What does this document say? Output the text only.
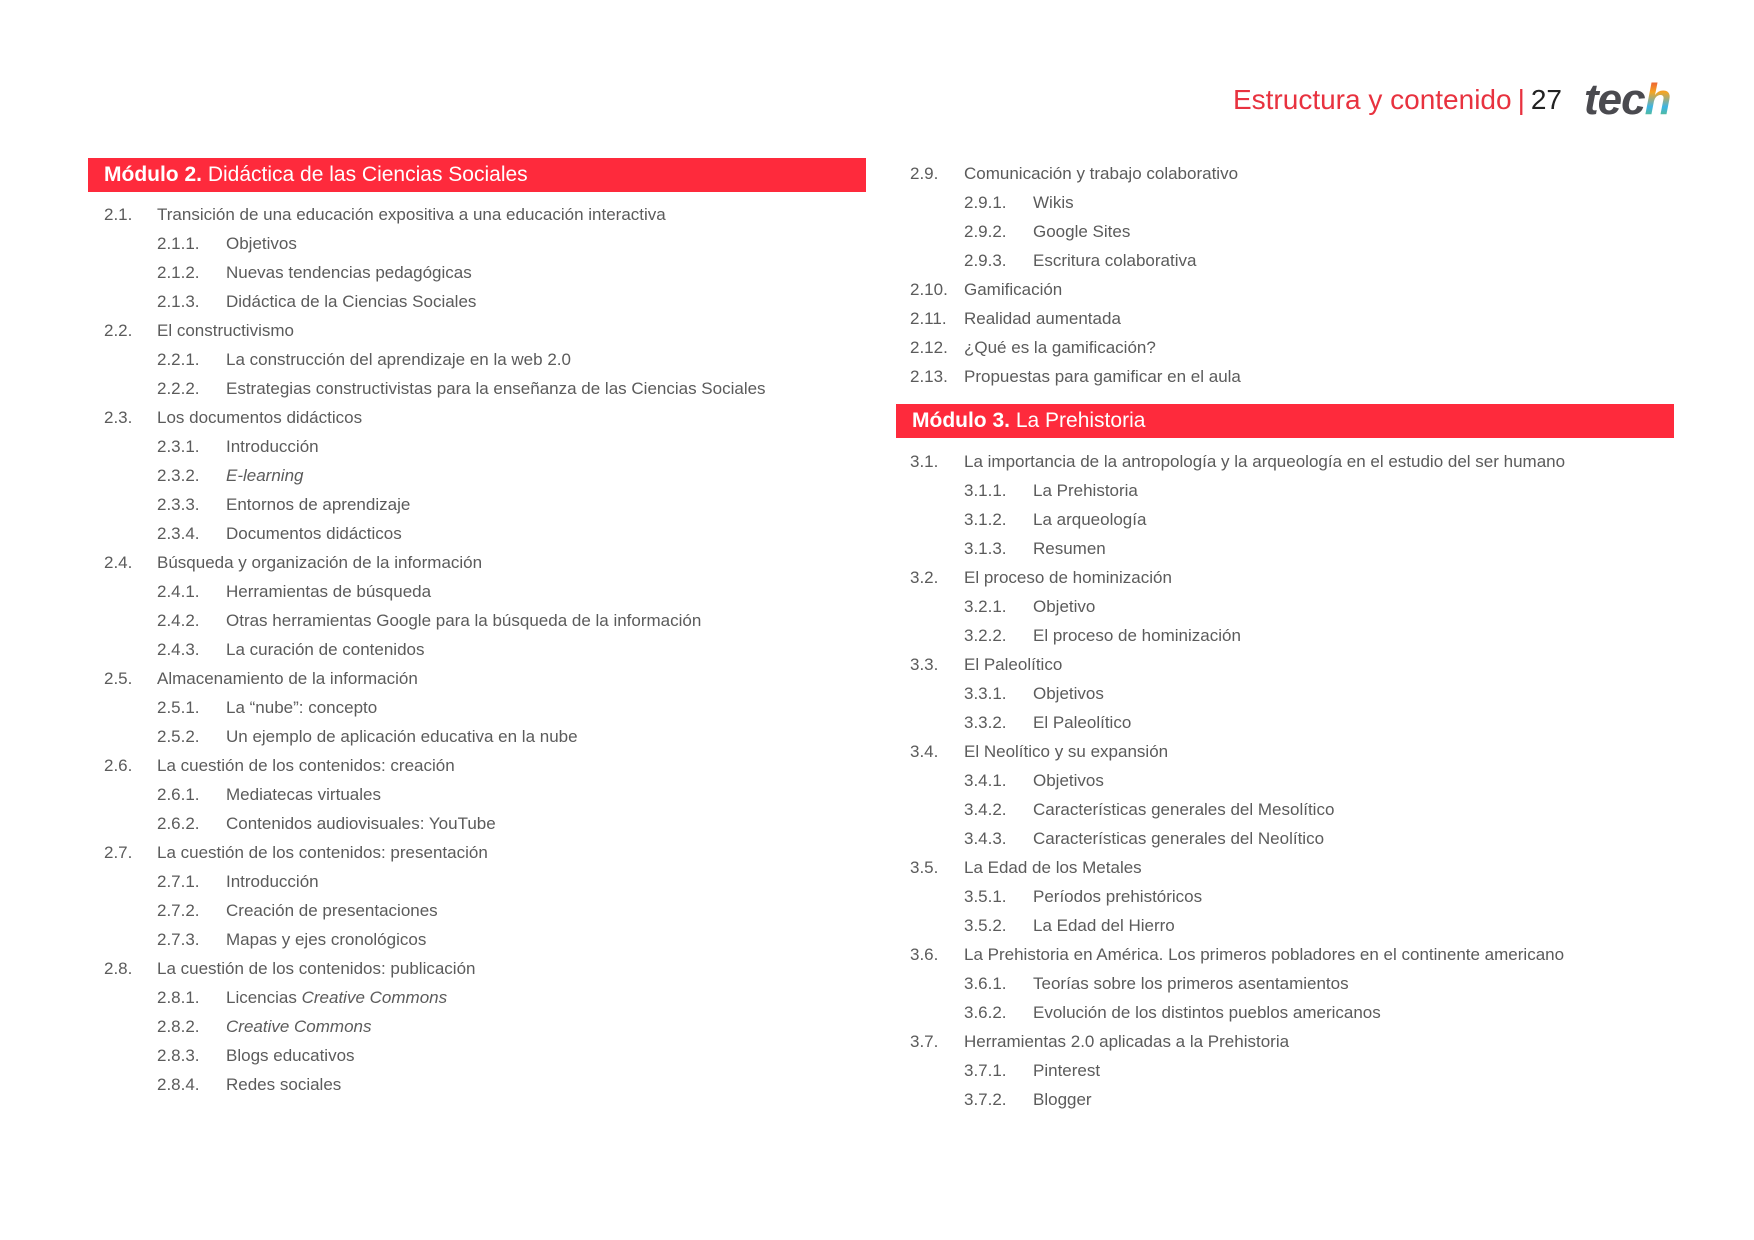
Estructura y contenido | 27 tech
Módulo 2. Didáctica de las Ciencias Sociales
Módulo 3. La Prehistoria
2.1. Transición de una educación expositiva a una educación interactiva
2.1.1. Objetivos
2.1.2. Nuevas tendencias pedagógicas
2.1.3. Didáctica de la Ciencias Sociales
2.2. El constructivismo
2.2.1. La construcción del aprendizaje en la web 2.0
2.2.2. Estrategias constructivistas para la enseñanza de las Ciencias Sociales
2.3. Los documentos didácticos
2.3.1. Introducción
2.3.2. E-learning
2.3.3. Entornos de aprendizaje
2.3.4. Documentos didácticos
2.4. Búsqueda y organización de la información
2.4.1. Herramientas de búsqueda
2.4.2. Otras herramientas Google para la búsqueda de la información
2.4.3. La curación de contenidos
2.5. Almacenamiento de la información
2.5.1. La “nube”: concepto
2.5.2. Un ejemplo de aplicación educativa en la nube
2.6. La cuestión de los contenidos: creación
2.6.1. Mediatecas virtuales
2.6.2. Contenidos audiovisuales: YouTube
2.7. La cuestión de los contenidos: presentación
2.7.1. Introducción
2.7.2. Creación de presentaciones
2.7.3. Mapas y ejes cronológicos
2.8. La cuestión de los contenidos: publicación
2.8.1. Licencias Creative Commons
2.8.2. Creative Commons
2.8.3. Blogs educativos
2.8.4. Redes sociales
2.9. Comunicación y trabajo colaborativo
2.9.1. Wikis
2.9.2. Google Sites
2.9.3. Escritura colaborativa
2.10. Gamificación
2.11. Realidad aumentada
2.12. ¿Qué es la gamificación?
2.13. Propuestas para gamificar en el aula
3.1. La importancia de la antropología y la arqueología en el estudio del ser humano
3.1.1. La Prehistoria
3.1.2. La arqueología
3.1.3. Resumen
3.2. El proceso de hominización
3.2.1. Objetivo
3.2.2. El proceso de hominización
3.3. El Paleolítico
3.3.1. Objetivos
3.3.2. El Paleolítico
3.4. El Neolítico y su expansión
3.4.1. Objetivos
3.4.2. Características generales del Mesolítico
3.4.3. Características generales del Neolítico
3.5. La Edad de los Metales
3.5.1. Períodos prehistóricos
3.5.2. La Edad del Hierro
3.6. La Prehistoria en América. Los primeros pobladores en el continente americano
3.6.1. Teorías sobre los primeros asentamientos
3.6.2. Evolución de los distintos pueblos americanos
3.7. Herramientas 2.0 aplicadas a la Prehistoria
3.7.1. Pinterest
3.7.2. Blogger
